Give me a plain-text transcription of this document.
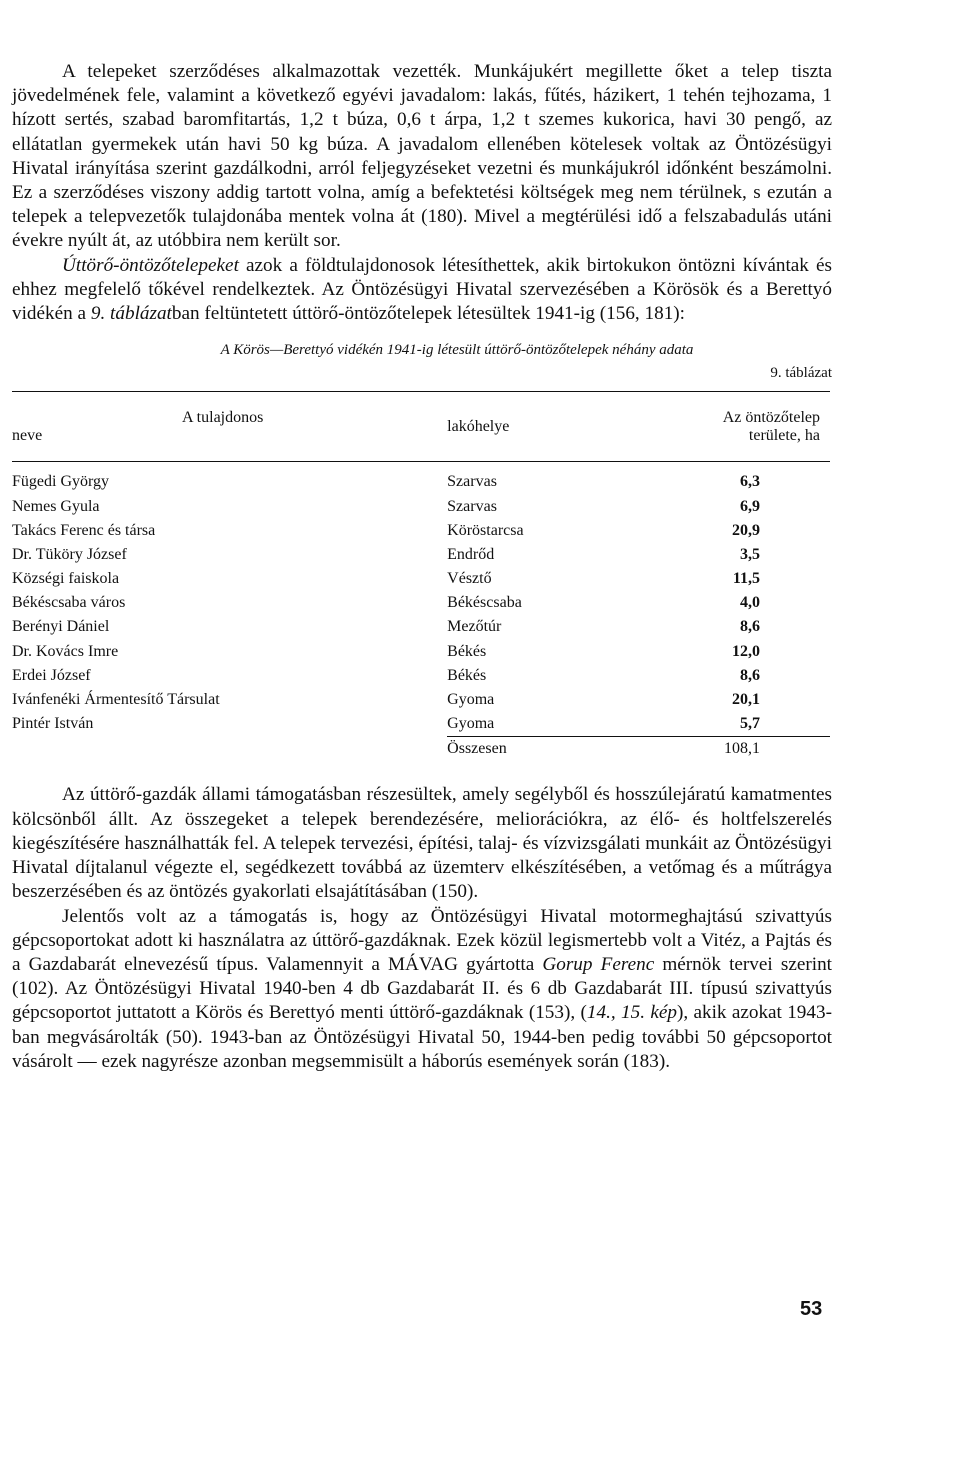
A telepeket szerződéses alkalmazottak vezették. Munkájukért megillette őket a telep tiszta jövedelmének fele, valamint a következő egyévi javadalom: lakás, fűtés, házikert, 1 tehén tejhozama, 1 hízott sertés, szabad baromfitartás, 1,2 t búza, 0,6 t árpa, 1,2 t szemes kukorica, havi 30 pengő, az ellátatlan gyermekek után havi 50 kg búza. A javadalom ellenében kötelesek voltak az Öntözésügyi Hivatal irányítása szerint gazdálkodni, arról feljegyzéseket vezetni és munkájukról időnként beszámolni. Ez a szerződéses viszony addig tartott volna, amíg a befektetési költségek meg nem térülnek, s ezután a telepek a telepvezetők tulajdonába mentek volna át (180). Mivel a megtérülési idő a felszabadulás utáni évekre nyúlt át, az utóbbira nem került sor.

Úttörő-öntözőtelepeket azok a földtulajdonosok létesíthettek, akik birtokukon öntözni kívántak és ehhez megfelelő tőkével rendelkeztek. Az Öntözésügyi Hivatal szervezésében a Körösök és a Berettyó vidékén a 9. táblázatban feltüntetett úttörő-öntözőtelepek létesültek 1941-ig (156, 181):

A Körös—Berettyó vidékén 1941-ig létesült úttörő-öntözőtelepek néhány adata
9. táblázat
A tulajdonos
neve	lakóhelye	Az öntözőtelep
területe, ha

Fügedi György	Szarvas	6,3
Nemes Gyula	Szarvas	6,9
Takács Ferenc és társa	Köröstarcsa	20,9
Dr. Tüköry József	Endrőd	3,5
Községi faiskola	Vésztő	11,5
Békéscsaba város	Békéscsaba	4,0
Berényi Dániel	Mezőtúr	8,6
Dr. Kovács Imre	Békés	12,0
Erdei József	Békés	8,6
Ivánfenéki Ármentesítő Társulat	Gyoma	20,1
Pintér István	Gyoma	5,7
	Összesen	108,1

Az úttörő-gazdák állami támogatásban részesültek, amely segélyből és hosszúlejáratú kamatmentes kölcsönből állt. Az összegeket a telepek berendezésére, meliorációkra, az élő- és holtfelszerelés kiegészítésére használhatták fel. A telepek tervezési, építési, talaj- és vízvizsgálati munkáit az Öntözésügyi Hivatal díjtalanul végezte el, segédkezett továbbá az üzemterv elkészítésében, a vetőmag és a műtrágya beszerzésében és az öntözés gyakorlati elsajátításában (150).

Jelentős volt az a támogatás is, hogy az Öntözésügyi Hivatal motormeghajtású szivattyús gépcsoportokat adott ki használatra az úttörő-gazdáknak. Ezek közül legismertebb volt a Vitéz, a Pajtás és a Gazdabarát elnevezésű típus. Valamennyit a MÁVAG gyártotta Gorup Ferenc mérnök tervei szerint (102). Az Öntözésügyi Hivatal 1940-ben 4 db Gazdabarát II. és 6 db Gazdabarát III. típusú szivattyús gépcsoportot juttatott a Körös és Berettyó menti úttörő-gazdáknak (153), (14., 15. kép), akik azokat 1943-ban megvásárolták (50). 1943-ban az Öntözésügyi Hivatal 50, 1944-ben pedig további 50 gépcsoportot vásárolt — ezek nagyrésze azonban megsemmisült a háborús események során (183).

53
